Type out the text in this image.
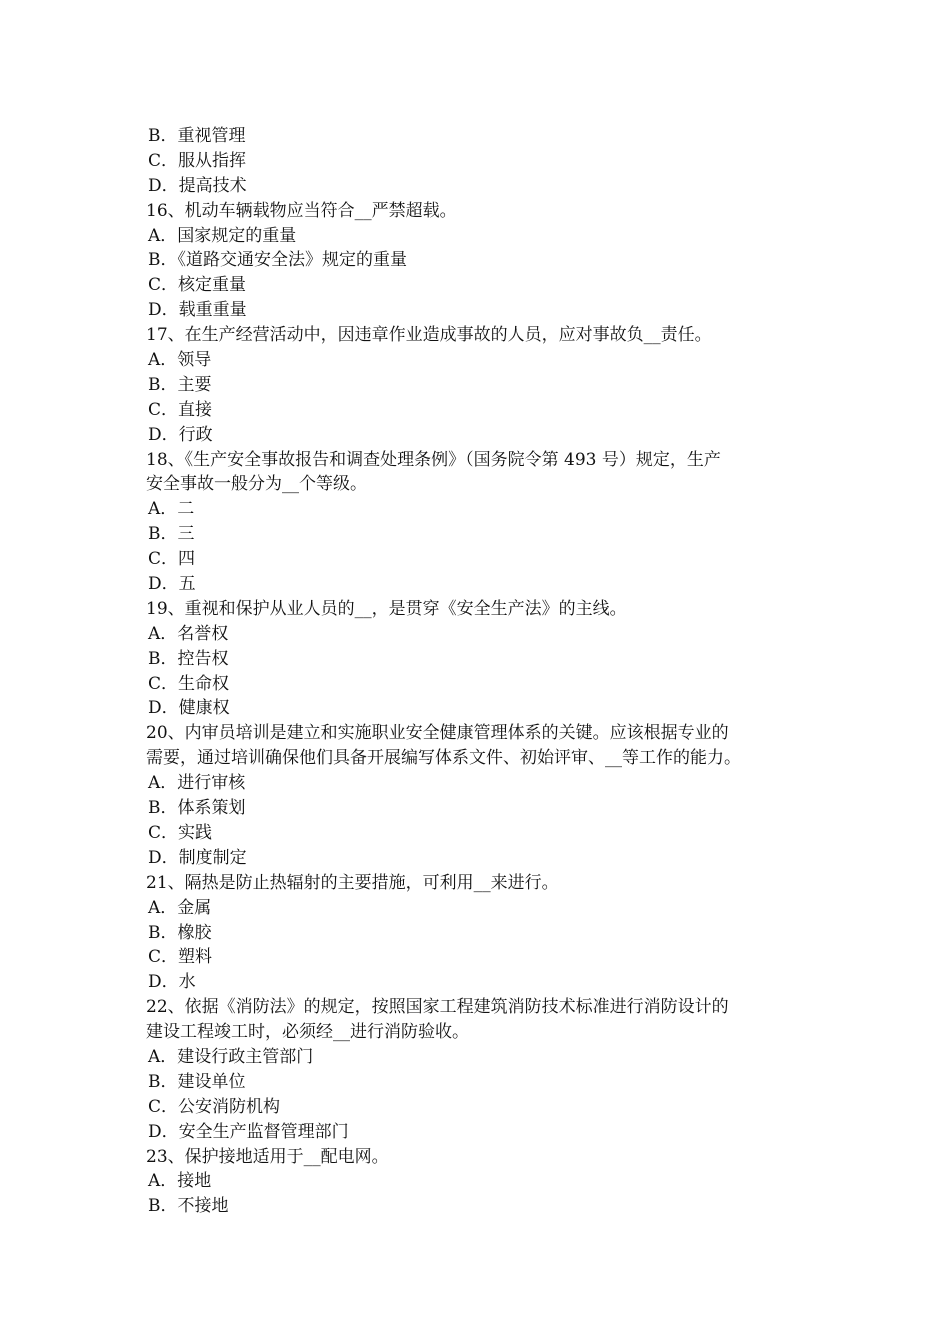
B．重视管理
C．服从指挥
D．提高技术
16、机动车辆载物应当符合__严禁超载。
A．国家规定的重量
B．《道路交通安全法》规定的重量
C．核定重量
D．载重重量
17、在生产经营活动中，因违章作业造成事故的人员，应对事故负__责任。
A．领导
B．主要
C．直接
D．行政
18、《生产安全事故报告和调查处理条例》（国务院令第 493 号）规定，生产
安全事故一般分为__个等级。
A．二
B．三
C．四
D．五
19、重视和保护从业人员的__，是贯穿《安全生产法》的主线。
A．名誉权
B．控告权
C．生命权
D．健康权
20、内审员培训是建立和实施职业安全健康管理体系的关键。应该根据专业的
需要，通过培训确保他们具备开展编写体系文件、初始评审、__等工作的能力。
A．进行审核
B．体系策划
C．实践
D．制度制定
21、隔热是防止热辐射的主要措施，可利用__来进行。
A．金属
B．橡胶
C．塑料
D．水
22、依据《消防法》的规定，按照国家工程建筑消防技术标准进行消防设计的
建设工程竣工时，必须经__进行消防验收。
A．建设行政主管部门
B．建设单位
C．公安消防机构
D．安全生产监督管理部门
23、保护接地适用于__配电网。
A．接地
B．不接地
